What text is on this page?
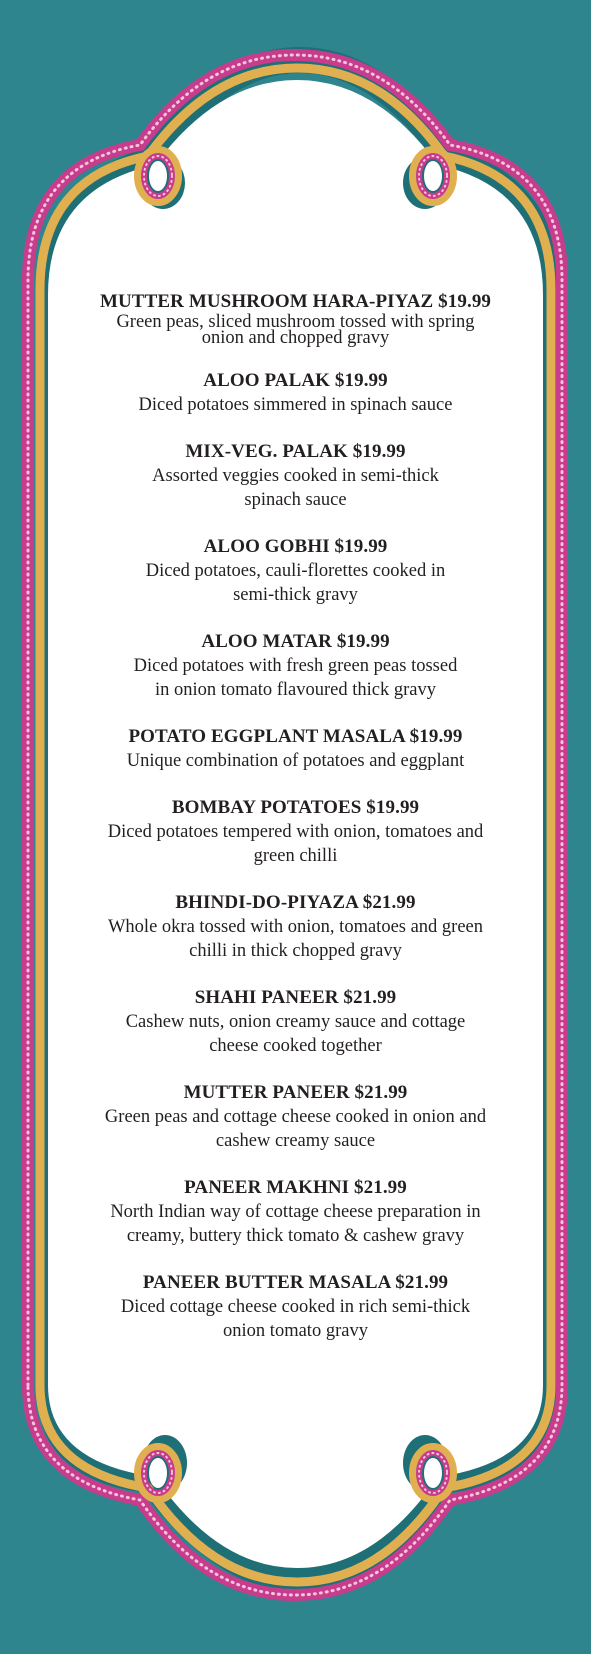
MUTTER MUSHROOM HARA-PIYAZ $19.99
Green peas, sliced mushroom tossed with spring
onion and chopped gravy
ALOO PALAK $19.99
Diced potatoes simmered in spinach sauce
MIX-VEG. PALAK $19.99
Assorted veggies cooked in semi-thick
spinach sauce
ALOO GOBHI $19.99
Diced potatoes, cauli-florettes cooked in
semi-thick gravy
ALOO MATAR $19.99
Diced potatoes with fresh green peas tossed
in onion tomato flavoured thick gravy
POTATO EGGPLANT MASALA $19.99
Unique combination of potatoes and eggplant
BOMBAY POTATOES $19.99
Diced potatoes tempered with onion, tomatoes and
green chilli
BHINDI-DO-PIYAZA $21.99
Whole okra tossed with onion, tomatoes and green
chilli in thick chopped gravy
SHAHI PANEER $21.99
Cashew nuts, onion creamy sauce and cottage
cheese cooked together
MUTTER PANEER $21.99
Green peas and cottage cheese cooked in onion and
cashew creamy sauce
PANEER MAKHNI $21.99
North Indian way of cottage cheese preparation in
creamy, buttery thick tomato & cashew gravy
PANEER BUTTER MASALA $21.99
Diced cottage cheese cooked in rich semi-thick
onion tomato gravy
